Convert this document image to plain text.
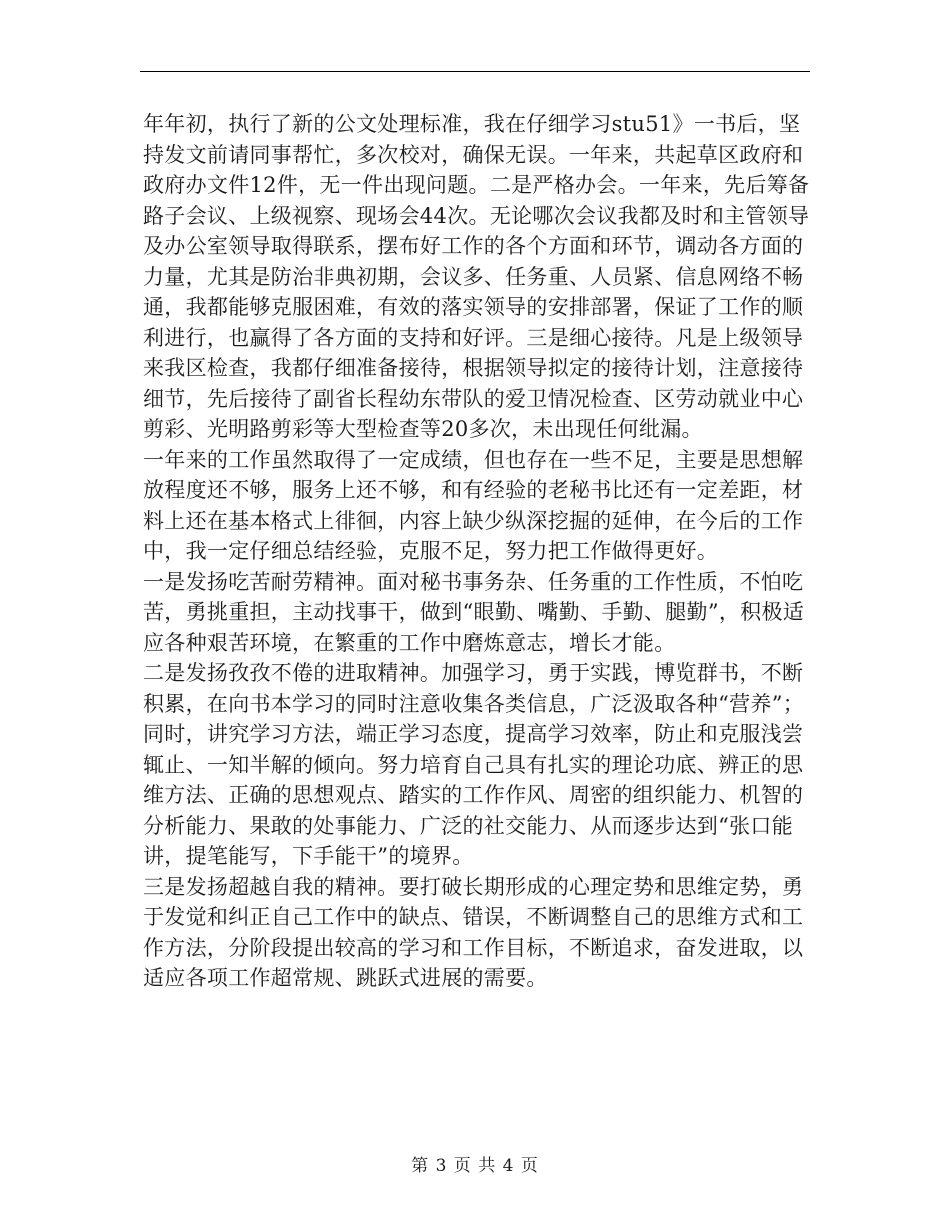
年年初，执行了新的公文处理标准，我在仔细学习stu51》一书后，坚持发文前请同事帮忙，多次校对，确保无误。一年来，共起草区政府和政府办文件12件，无一件出现问题。二是严格办会。一年来，先后筹备路子会议、上级视察、现场会44次。无论哪次会议我都及时和主管领导及办公室领导取得联系，摆布好工作的各个方面和环节，调动各方面的力量，尤其是防治非典初期，会议多、任务重、人员紧、信息网络不畅通，我都能够克服困难，有效的落实领导的安排部署，保证了工作的顺利进行，也赢得了各方面的支持和好评。三是细心接待。凡是上级领导来我区检查，我都仔细准备接待，根据领导拟定的接待计划，注意接待细节，先后接待了副省长程幼东带队的爱卫情况检查、区劳动就业中心剪彩、光明路剪彩等大型检查等20多次，未出现任何纰漏。

一年来的工作虽然取得了一定成绩，但也存在一些不足，主要是思想解放程度还不够，服务上还不够，和有经验的老秘书比还有一定差距，材料上还在基本格式上徘徊，内容上缺少纵深挖掘的延伸，在今后的工作中，我一定仔细总结经验，克服不足，努力把工作做得更好。

一是发扬吃苦耐劳精神。面对秘书事务杂、任务重的工作性质，不怕吃苦，勇挑重担，主动找事干，做到“眼勤、嘴勤、手勤、腿勤”，积极适应各种艰苦环境，在繁重的工作中磨炼意志，增长才能。

二是发扬孜孜不倦的进取精神。加强学习，勇于实践，博览群书，不断积累，在向书本学习的同时注意收集各类信息，广泛汲取各种“营养”；同时，讲究学习方法，端正学习态度，提高学习效率，防止和克服浅尝辄止、一知半解的倾向。努力培育自己具有扎实的理论功底、辨正的思维方法、正确的思想观点、踏实的工作作风、周密的组织能力、机智的分析能力、果敢的处事能力、广泛的社交能力、从而逐步达到“张口能讲，提笔能写，下手能干”的境界。

三是发扬超越自我的精神。要打破长期形成的心理定势和思维定势，勇于发觉和纠正自己工作中的缺点、错误，不断调整自己的思维方式和工作方法，分阶段提出较高的学习和工作目标，不断追求，奋发进取，以适应各项工作超常规、跳跃式进展的需要。

第 3 页 共 4 页
